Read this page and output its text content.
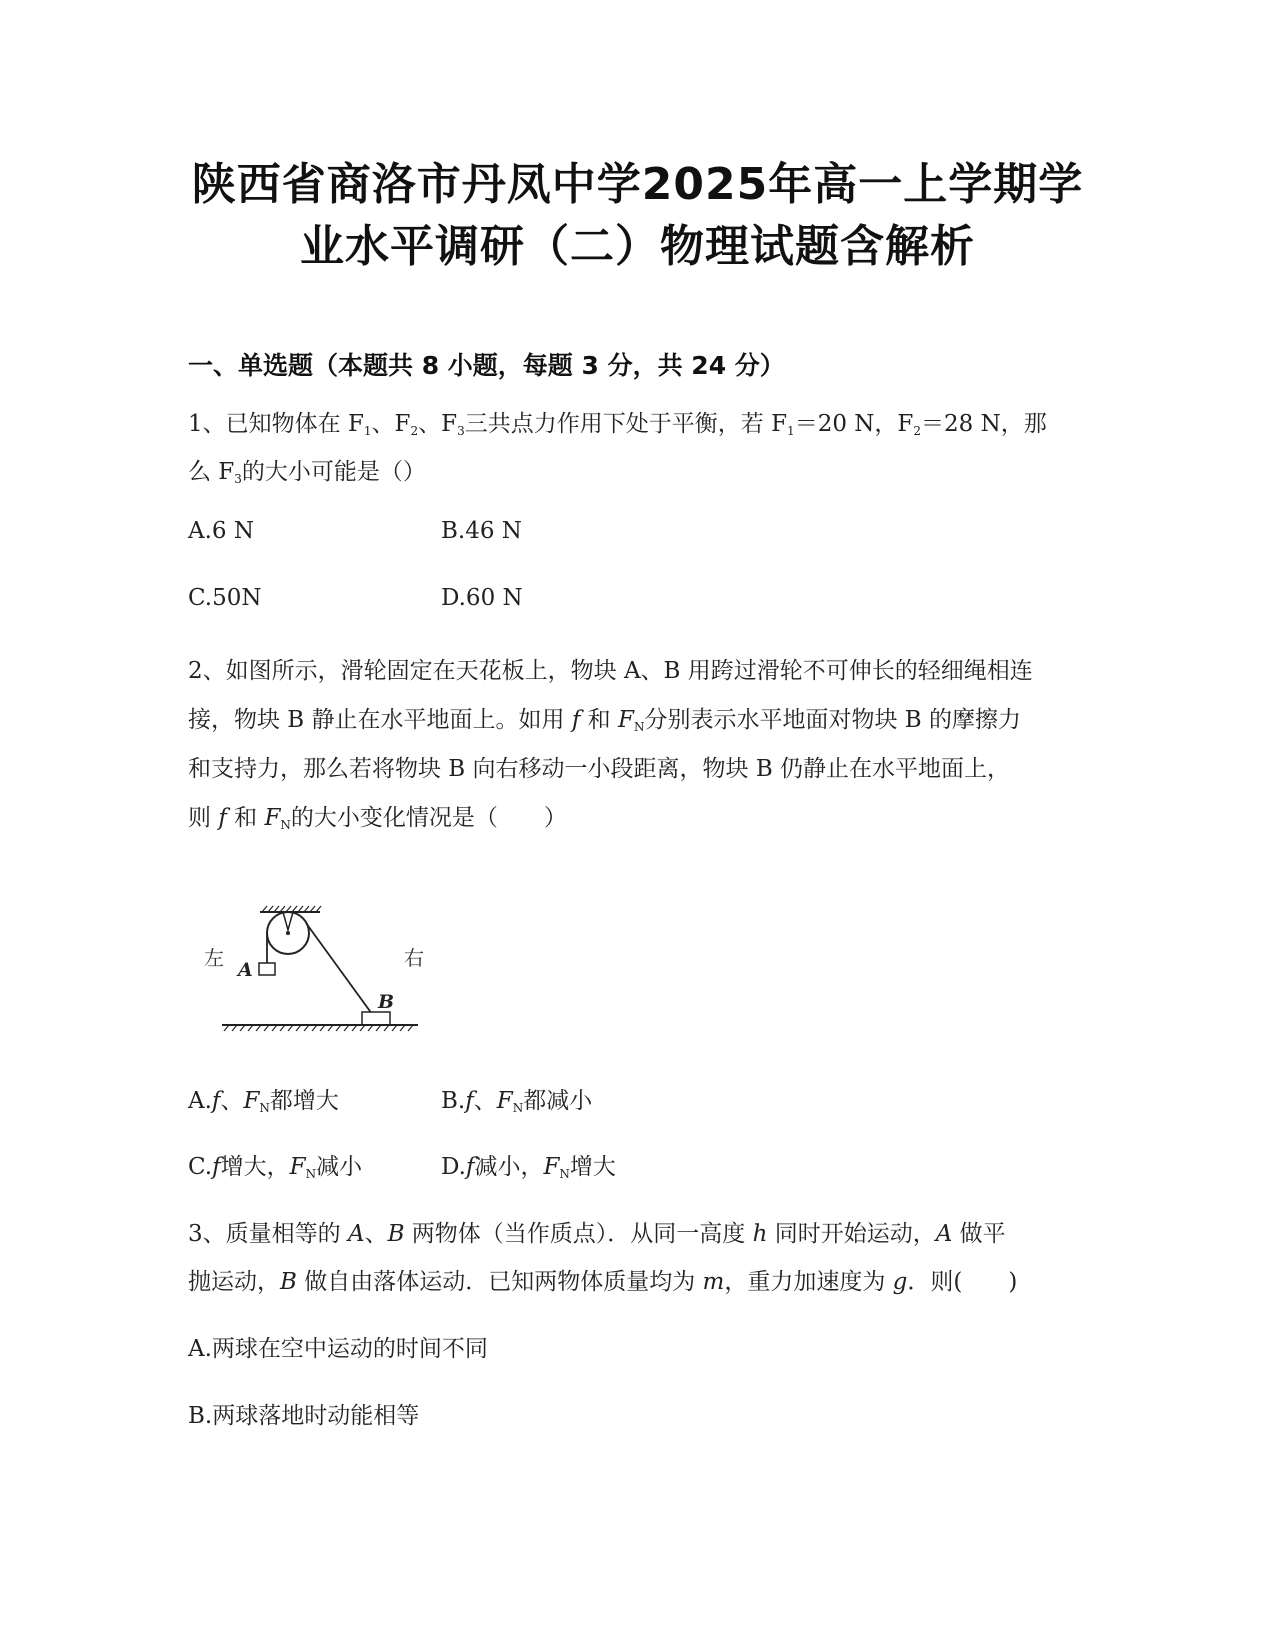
陕西省商洛市丹凤中学2025年高一上学期学
业水平调研（二）物理试题含解析
一、单选题（本题共 8 小题，每题 3 分，共 24 分）
1、已知物体在 $F_1$、$F_2$、$F_3$三共点力作用下处于平衡，若 $F_1=20$ N，$F_2=28$ N，那
么 $F_3$的大小可能是（）
A.6 N	B.46 N
C.50N	D.60 N
2、如图所示，滑轮固定在天花板上，物块 A、B 用跨过滑轮不可伸长的轻细绳相连
接，物块 B 静止在水平地面上。如用 f 和 $F_N$分别表示水平地面对物块 B 的摩擦力
和支持力，那么若将物块 B 向右移动一小段距离，物块 B 仍静止在水平地面上，
则 f 和 $F_N$的大小变化情况是（　　）
左	右
A
B
A.f、$F_N$都增大	B.f、$F_N$都减小
C.f增大，$F_N$减小	D.f减小，$F_N$增大
3、质量相等的 A、B 两物体（当作质点）．从同一高度 h 同时开始运动，A 做平
抛运动，B 做自由落体运动．已知两物体质量均为 m，重力加速度为 g．则(　　)
A.两球在空中运动的时间不同
B.两球落地时动能相等
